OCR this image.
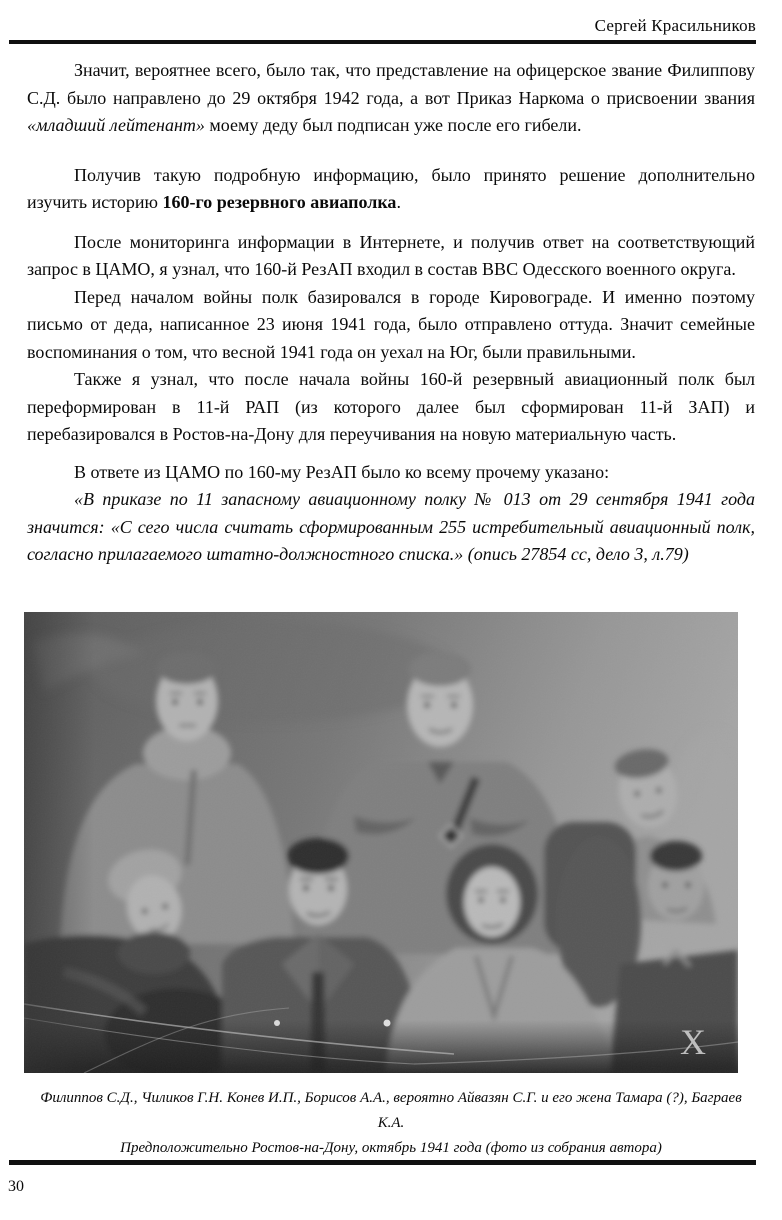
Сергей Красильников

Значит, вероятнее всего, было так, что представление на офицерское звание Филиппову С.Д. было направлено до 29 октября 1942 года, а вот Приказ Наркома о присвоении звания «младший лейтенант» моему деду был подписан уже после его гибели.

Получив такую подробную информацию, было принято решение дополнительно изучить историю 160-го резервного авиаполка.

После мониторинга информации в Интернете, и получив ответ на соответствующий запрос в ЦАМО, я узнал, что 160-й РезАП входил в состав ВВС Одесского военного округа.

Перед началом войны полк базировался в городе Кировограде. И именно поэтому письмо от деда, написанное 23 июня 1941 года, было отправлено оттуда. Значит семейные воспоминания о том, что весной 1941 года он уехал на Юг, были правильными.

Также я узнал, что после начала войны 160-й резервный авиационный полк был переформирован в 11-й РАП (из которого далее был сформирован 11-й ЗАП) и перебазировался в Ростов-на-Дону для переучивания на новую материальную часть.

В ответе из ЦАМО по 160-му РезАП было ко всему прочему указано:

«В приказе по 11 запасному авиационному полку № 013 от 29 сентября 1941 года значится: «С сего числа считать сформированным 255 истребительный авиационный полк, согласно прилагаемого штатно-должностного списка.» (опись 27854 сс, дело 3, л.79)

X
Филиппов С.Д., Чиликов Г.Н. Конев И.П., Борисов А.А., вероятно Айвазян С.Г. и его жена Тамара (?), Баграев К.А.
Предположительно Ростов-на-Дону, октябрь 1941 года (фото из собрания автора)
30
